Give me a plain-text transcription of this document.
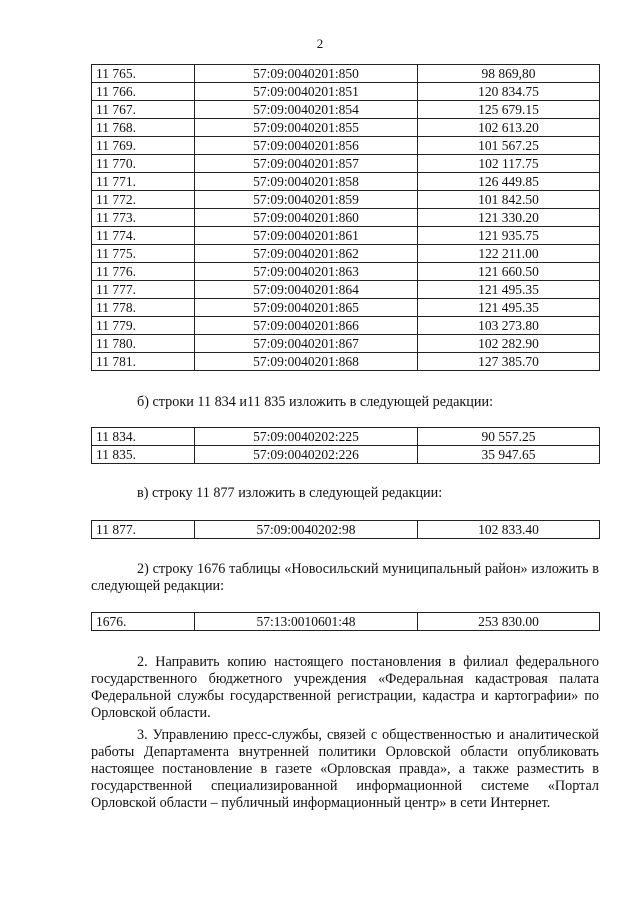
2
11 765.	57:09:0040201:850	98 869,80
11 766.	57:09:0040201:851	120 834.75
11 767.	57:09:0040201:854	125 679.15
11 768.	57:09:0040201:855	102 613.20
11 769.	57:09:0040201:856	101 567.25
11 770.	57:09:0040201:857	102 117.75
11 771.	57:09:0040201:858	126 449.85
11 772.	57:09:0040201:859	101 842.50
11 773.	57:09:0040201:860	121 330.20
11 774.	57:09:0040201:861	121 935.75
11 775.	57:09:0040201:862	122 211.00
11 776.	57:09:0040201:863	121 660.50
11 777.	57:09:0040201:864	121 495.35
11 778.	57:09:0040201:865	121 495.35
11 779.	57:09:0040201:866	103 273.80
11 780.	57:09:0040201:867	102 282.90
11 781.	57:09:0040201:868	127 385.70

б) строки 11 834 и11 835 изложить в следующей редакции:

11 834.	57:09:0040202:225	90 557.25
11 835.	57:09:0040202:226	35 947.65

в) строку 11 877 изложить в следующей редакции:

11 877.	57:09:0040202:98	102 833.40

2) строку 1676 таблицы «Новосильский муниципальный район» изложить в следующей редакции:

1676.	57:13:0010601:48	253 830.00

2. Направить копию настоящего постановления в филиал федерального государственного бюджетного учреждения «Федеральная кадастровая палата Федеральной службы государственной регистрации, кадастра и картографии» по Орловской области.

3. Управлению пресс-службы, связей с общественностью и аналитической работы Департамента внутренней политики Орловской области опубликовать настоящее постановление в газете «Орловская правда», а также разместить в государственной специализированной информационной системе «Портал Орловской области – публичный информационный центр» в сети Интернет.
